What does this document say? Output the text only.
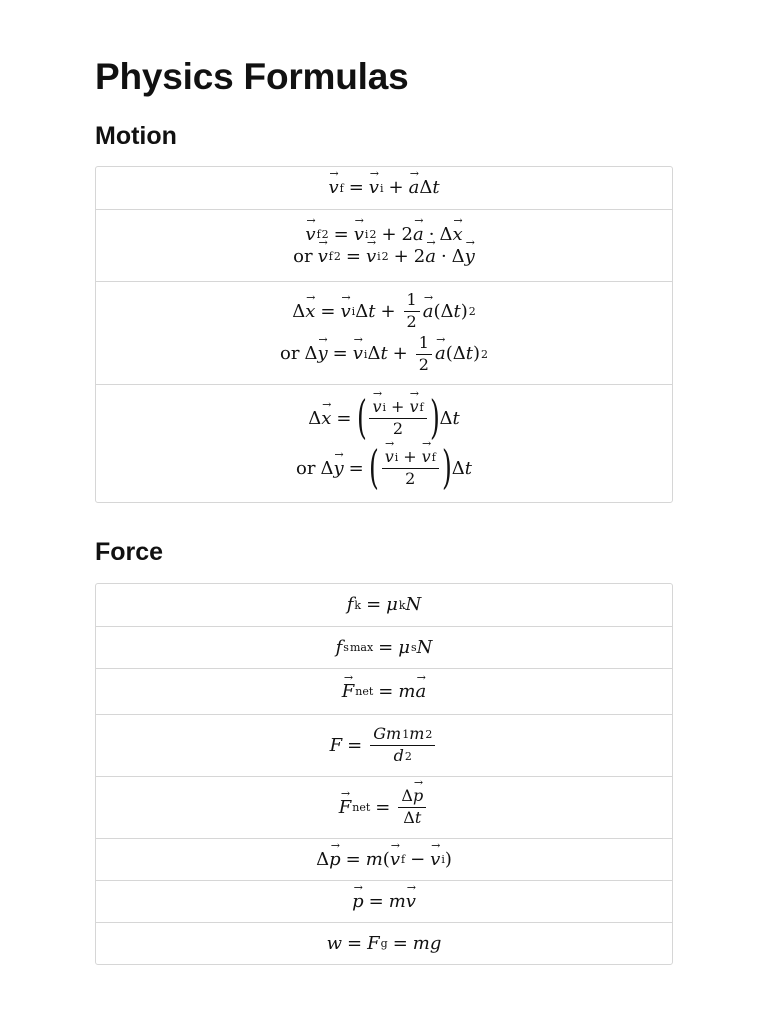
Physics Formulas
Motion
→ v f =
→ v i +
→ a Δ t
→ v f 2 =
→ v i 2 + 2
→ a · Δ
→ x
or
→ v f 2 =
→ v i 2 + 2
→ a · Δ
→ y
Δ
→ x =
→ v i Δ $t + \frac{1}{2}$
→ a (Δ t ) 2
or Δ
→ y =
→ v i Δ $t + \frac{1}{2}$
→ a (Δ t ) 2
Δ
→ x = (
→ v i +
→ v f
2 ) Δ t
or Δ
→ y = (
→ v i +
→ v f
2 ) Δ t
Force
f k = μ k N
f s max = μ s N
→ F net = m
→ a
$F = \frac{Gm 1 m 2}{d 2}$
→ F net = Δ
→ p
Δ t
Δ
→ p = m (
→ v f −
→ v i )
→ p = m
→ v
w = F g = mg
